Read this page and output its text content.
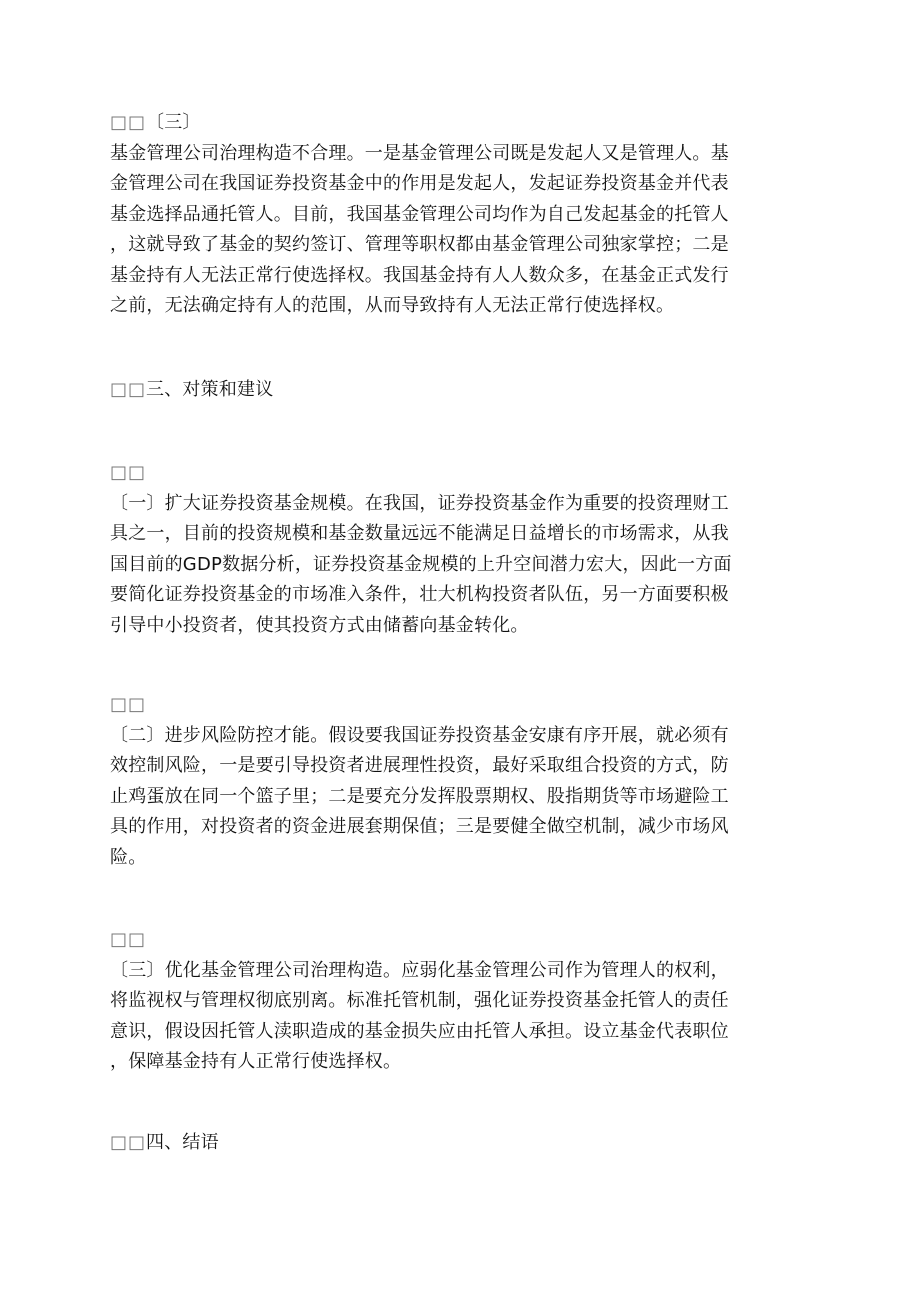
□□〔三〕
基金管理公司治理构造不合理。一是基金管理公司既是发起人又是管理人。基
金管理公司在我国证券投资基金中的作用是发起人，发起证券投资基金并代表
基金选择品通托管人。目前，我国基金管理公司均作为自己发起基金的托管人
，这就导致了基金的契约签订、管理等职权都由基金管理公司独家掌控；二是
基金持有人无法正常行使选择权。我国基金持有人人数众多，在基金正式发行
之前，无法确定持有人的范围，从而导致持有人无法正常行使选择权。
□□三、对策和建议
□□
〔一〕扩大证券投资基金规模。在我国，证券投资基金作为重要的投资理财工
具之一，目前的投资规模和基金数量远远不能满足日益增长的市场需求，从我
国目前的GDP数据分析，证券投资基金规模的上升空间潜力宏大，因此一方面
要简化证券投资基金的市场准入条件，壮大机构投资者队伍，另一方面要积极
引导中小投资者，使其投资方式由储蓄向基金转化。
□□
〔二〕进步风险防控才能。假设要我国证券投资基金安康有序开展，就必须有
效控制风险，一是要引导投资者进展理性投资，最好采取组合投资的方式，防
止鸡蛋放在同一个篮子里；二是要充分发挥股票期权、股指期货等市场避险工
具的作用，对投资者的资金进展套期保值；三是要健全做空机制，减少市场风
险。
□□
〔三〕优化基金管理公司治理构造。应弱化基金管理公司作为管理人的权利，
将监视权与管理权彻底别离。标准托管机制，强化证券投资基金托管人的责任
意识，假设因托管人渎职造成的基金损失应由托管人承担。设立基金代表职位
，保障基金持有人正常行使选择权。
□□四、结语
